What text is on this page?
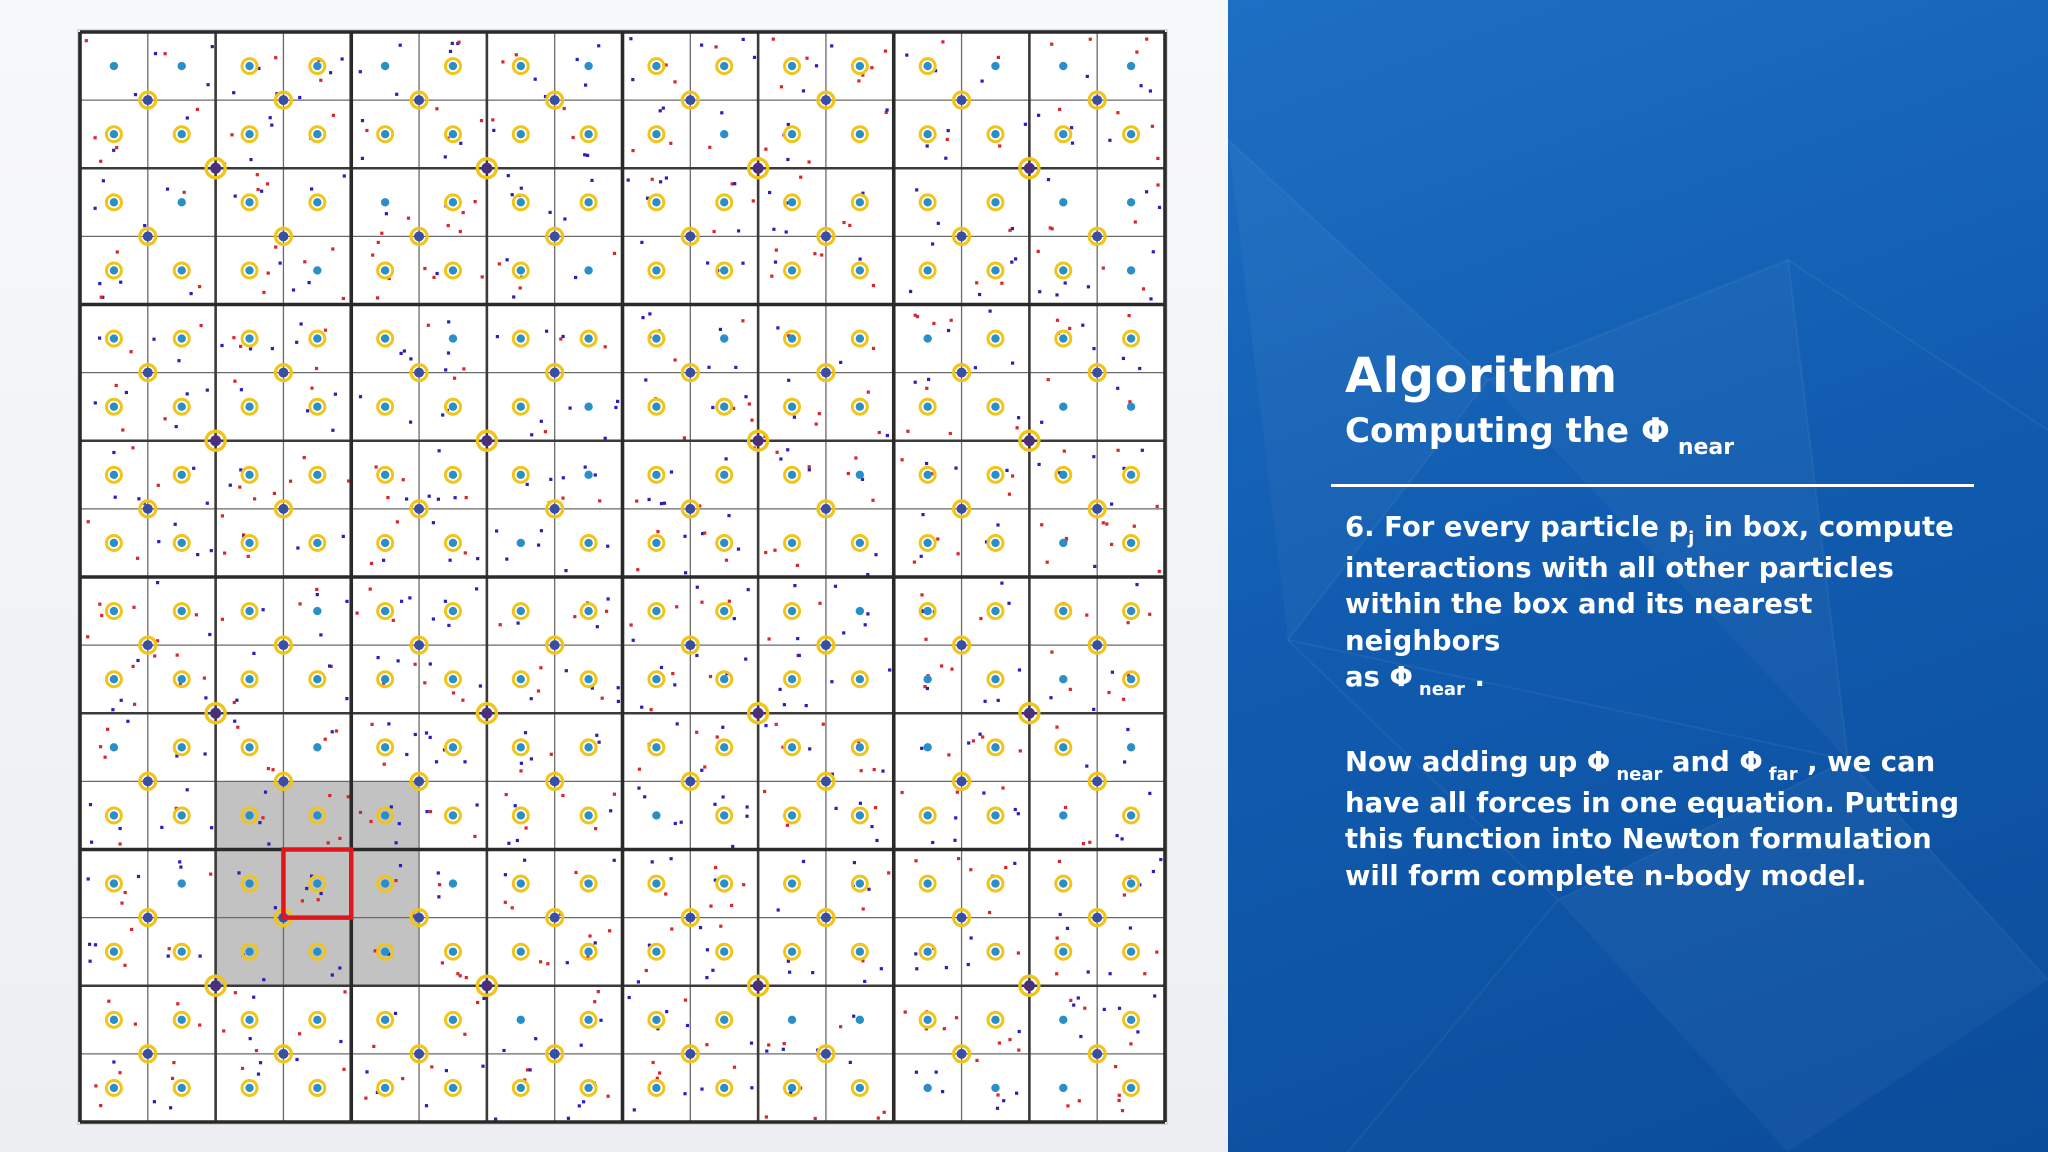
Algorithm
Computing the Φ $_{near}$
6. For every particle $p_j$ in box, compute
interactions with all other particles
within the box and its nearest neighbors
as Φ $_{near}$ .
Now adding up Φ $_{near}$ and Φ $_{far}$ , we can
have all forces in one equation. Putting
this function into Newton formulation
will form complete n-body model.
